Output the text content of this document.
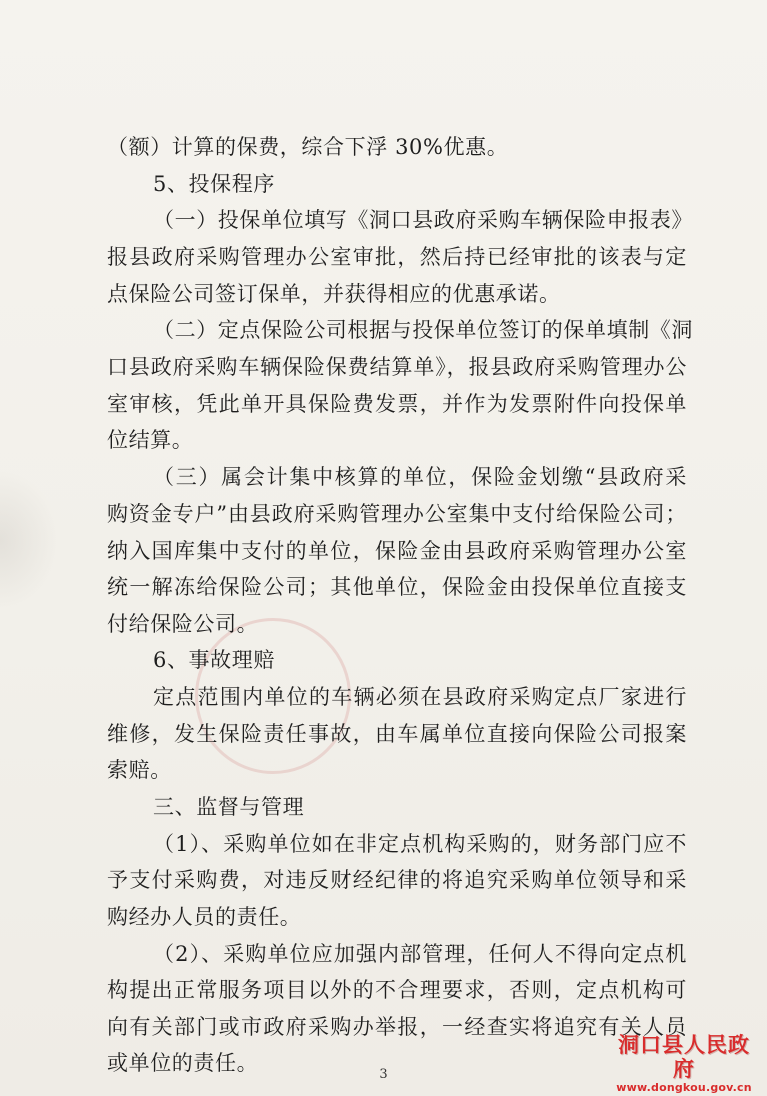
（额）计算的保费，综合下浮 30%优惠。
5、投保程序
（一）投保单位填写《洞口县政府采购车辆保险申报表》
报县政府采购管理办公室审批，然后持已经审批的该表与定
点保险公司签订保单，并获得相应的优惠承诺。
（二）定点保险公司根据与投保单位签订的保单填制《洞
口县政府采购车辆保险保费结算单》，报县政府采购管理办公
室审核，凭此单开具保险费发票，并作为发票附件向投保单
位结算。
（三）属会计集中核算的单位，保险金划缴“县政府采
购资金专户”由县政府采购管理办公室集中支付给保险公司；
纳入国库集中支付的单位，保险金由县政府采购管理办公室
统一解冻给保险公司；其他单位，保险金由投保单位直接支
付给保险公司。
6、事故理赔
定点范围内单位的车辆必须在县政府采购定点厂家进行
维修，发生保险责任事故，由车属单位直接向保险公司报案
索赔。
三、监督与管理
（1）、采购单位如在非定点机构采购的，财务部门应不
予支付采购费，对违反财经纪律的将追究采购单位领导和采
购经办人员的责任。
（2）、采购单位应加强内部管理，任何人不得向定点机
构提出正常服务项目以外的不合理要求，否则，定点机构可
向有关部门或市政府采购办举报，一经查实将追究有关人员
或单位的责任。	3
洞口县人民政府
www.dongkou.gov.cn
